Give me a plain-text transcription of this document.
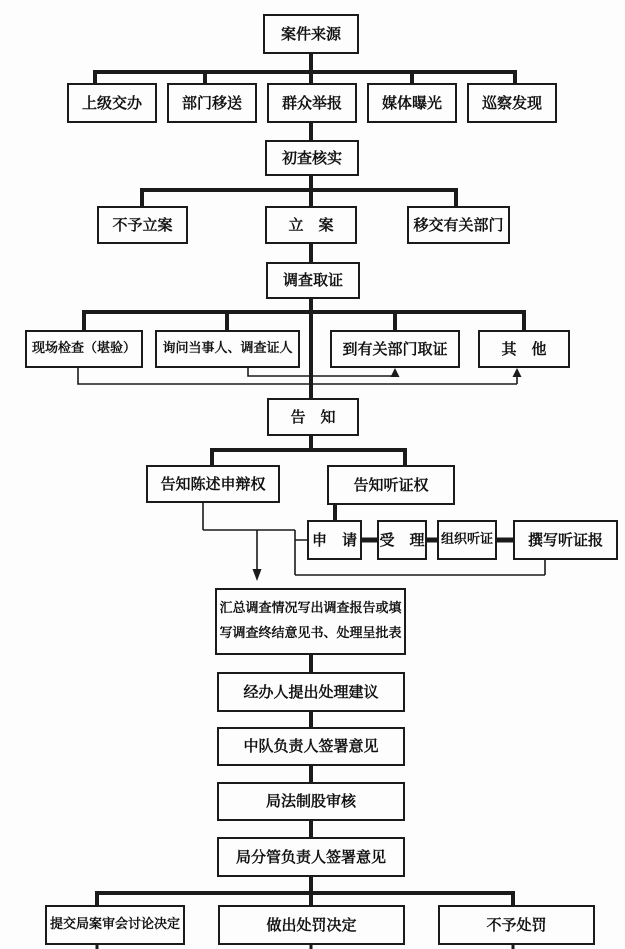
案件来源
上级交办	部门移送	群众举报	媒体曝光	巡察发现
初查核实
不予立案	立　案	移交有关部门
调查取证
现场检查（堪验）	询问当事人、调查证人	到有关部门取证	其　他
告　知
告知陈述申辩权	告知听证权
申　请	受　理	组织听证	撰写听证报
汇总调查情况写出调查报告或填
写调查终结意见书、处理呈批表
经办人提出处理建议
中队负责人签署意见
局法制股审核
局分管负责人签署意见
提交局案审会讨论决定	做出处罚决定	不予处罚
